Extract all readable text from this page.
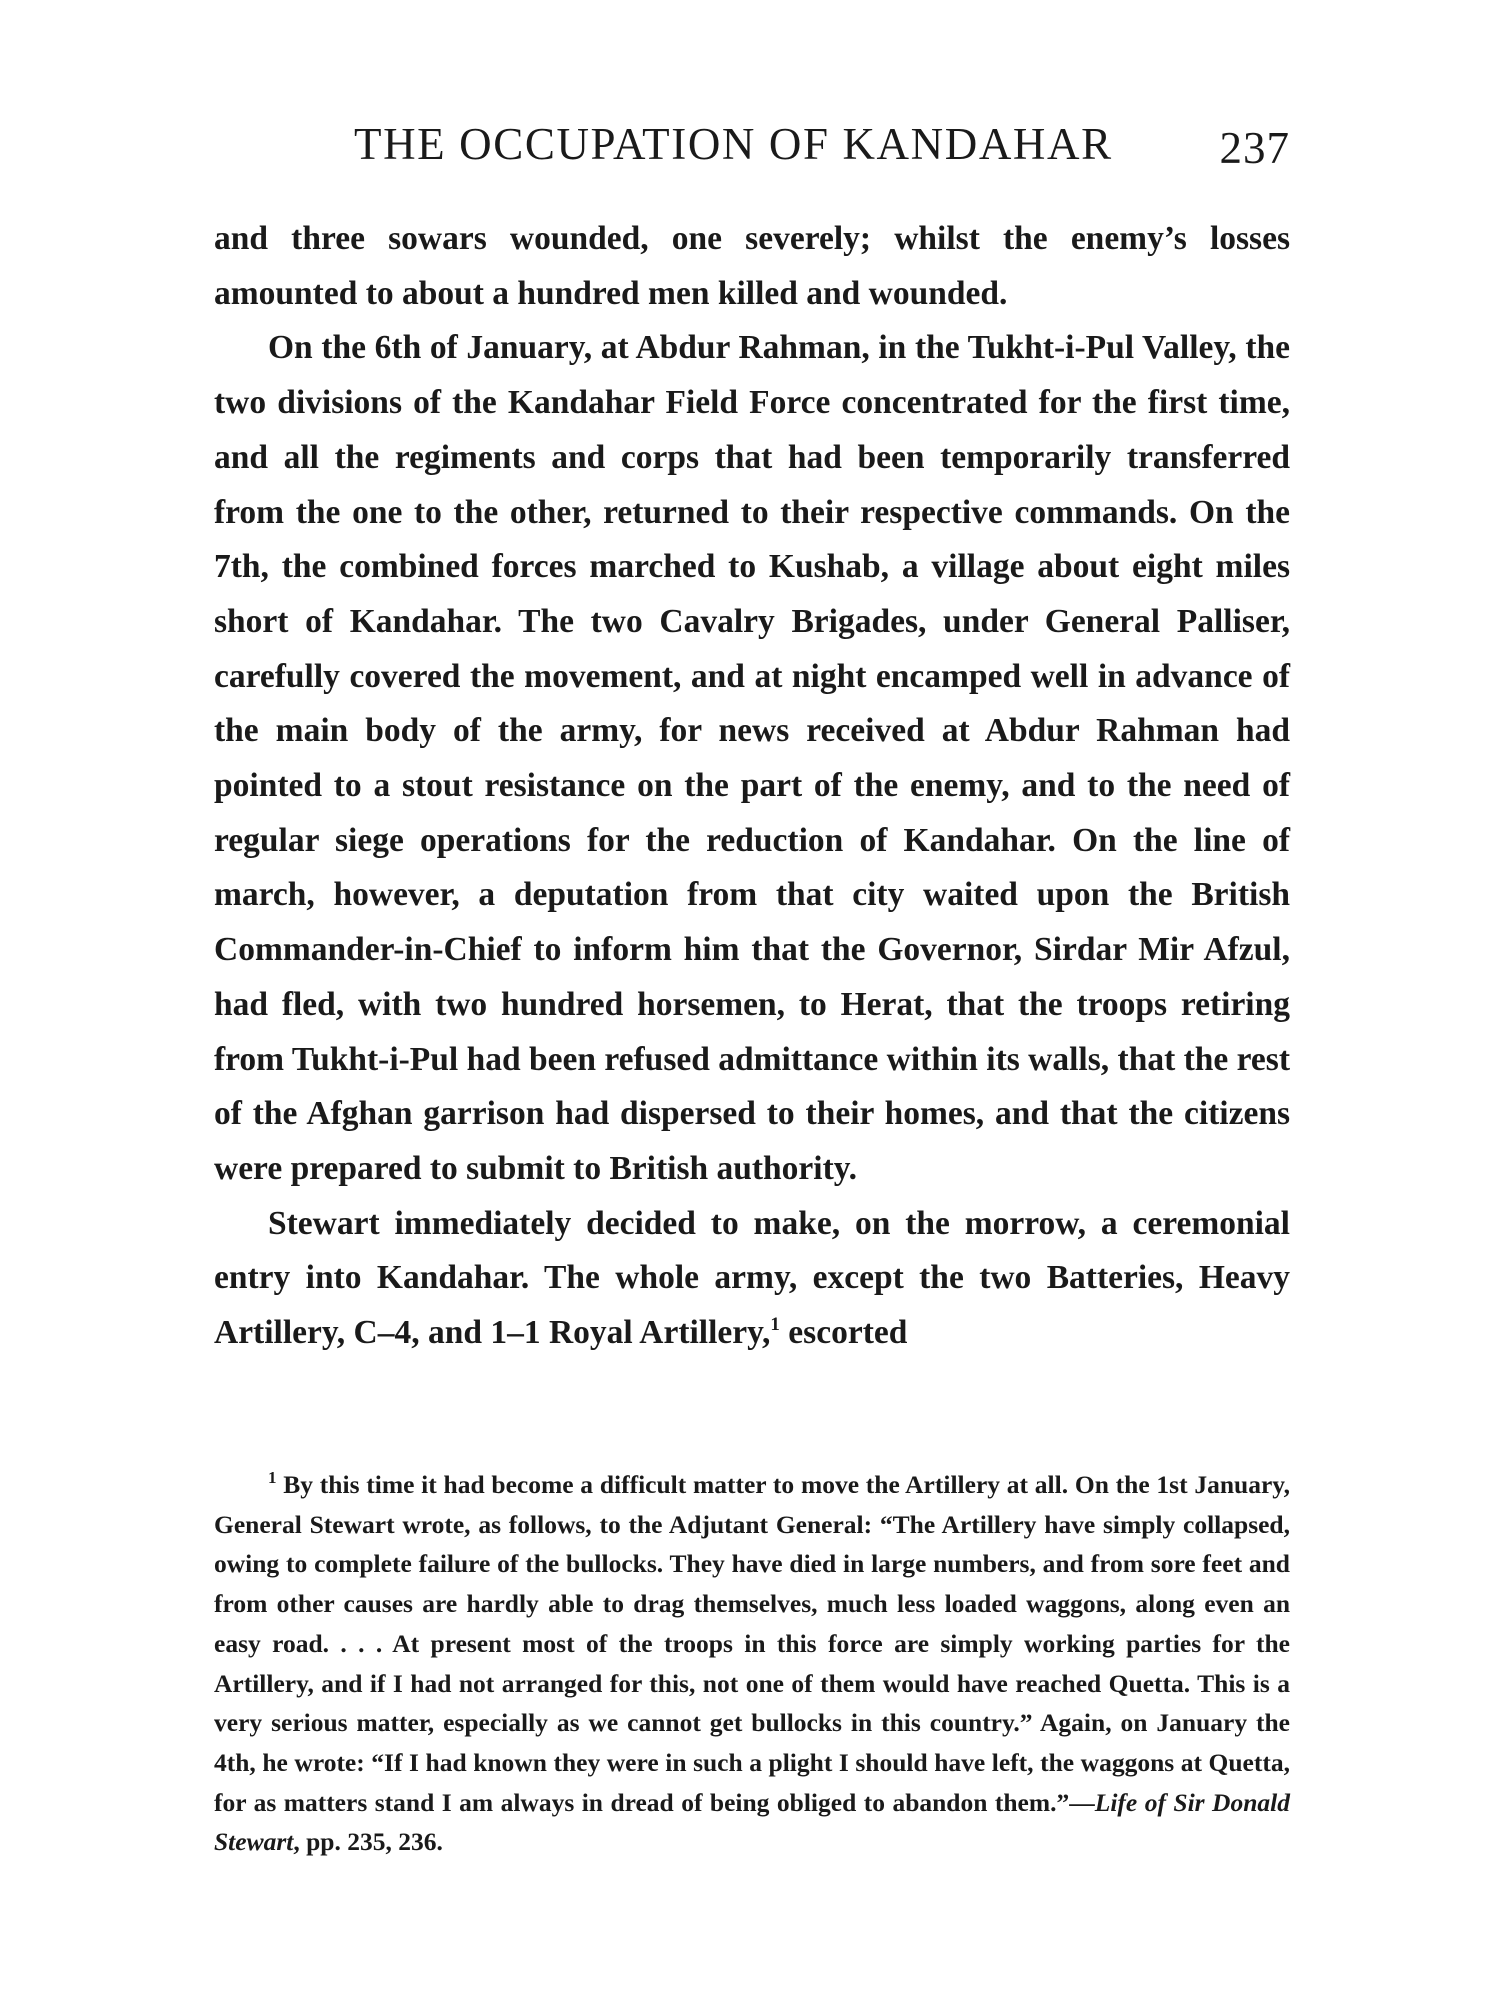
THE OCCUPATION OF KANDAHAR 237

and three sowars wounded, one severely; whilst the enemy’s losses amounted to about a hundred men killed and wounded.

On the 6th of January, at Abdur Rahman, in the Tukht-i-Pul Valley, the two divisions of the Kandahar Field Force concentrated for the first time, and all the regiments and corps that had been temporarily transferred from the one to the other, returned to their respective commands. On the 7th, the combined forces marched to Kushab, a village about eight miles short of Kandahar. The two Cavalry Brigades, under General Palliser, carefully covered the movement, and at night encamped well in advance of the main body of the army, for news received at Abdur Rahman had pointed to a stout resistance on the part of the enemy, and to the need of regular siege operations for the reduction of Kandahar. On the line of march, however, a deputation from that city waited upon the British Commander-in-Chief to inform him that the Governor, Sirdar Mir Afzul, had fled, with two hundred horsemen, to Herat, that the troops retiring from Tukht-i-Pul had been refused admittance within its walls, that the rest of the Afghan garrison had dispersed to their homes, and that the citizens were prepared to submit to British authority.

Stewart immediately decided to make, on the morrow, a ceremonial entry into Kandahar. The whole army, except the two Batteries, Heavy Artillery, C–4, and 1–1 Royal Artillery,$^1$ escorted

$^1$ By this time it had become a difficult matter to move the Artillery at all. On the 1st January, General Stewart wrote, as follows, to the Adjutant General: “The Artillery have simply collapsed, owing to complete failure of the bullocks. They have died in large numbers, and from sore feet and from other causes are hardly able to drag themselves, much less loaded waggons, along even an easy road. . . . At present most of the troops in this force are simply working parties for the Artillery, and if I had not arranged for this, not one of them would have reached Quetta. This is a very serious matter, especially as we cannot get bullocks in this country.” Again, on January the 4th, he wrote: “If I had known they were in such a plight I should have left, the waggons at Quetta, for as matters stand I am always in dread of being obliged to abandon them.”—Life of Sir Donald Stewart, pp. 235, 236.
